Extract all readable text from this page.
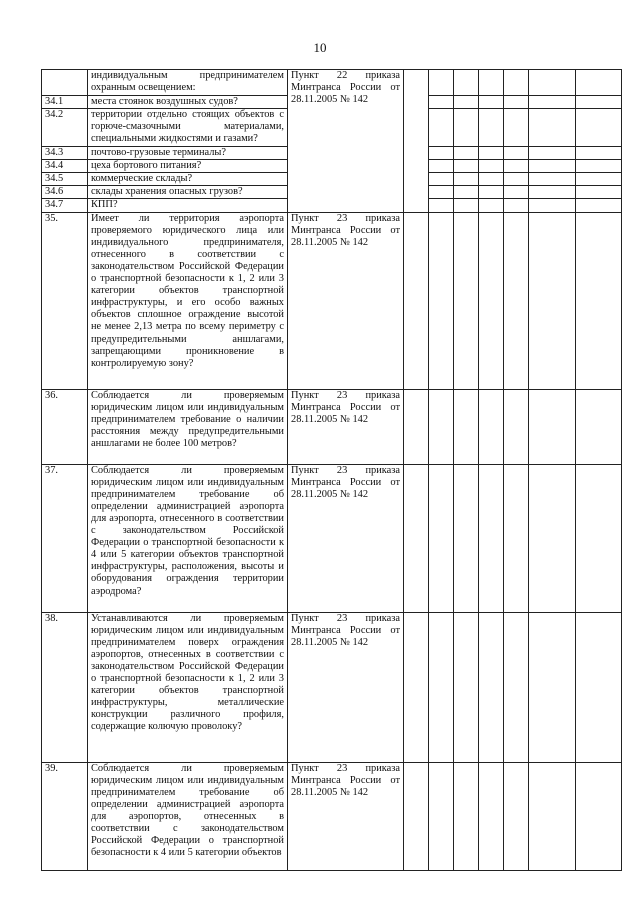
10
	индивидуальным предпринимателем охранным освещением:	Пункт 22 приказа Минтранса России от 28.11.2005 № 142							
34.1	места стоянок воздушных судов?								
34.2	территории отдельно стоящих объектов с горюче-смазочными материалами, специальными жидкостями и газами?								
34.3	почтово-грузовые терминалы?								
34.4	цеха бортового питания?								
34.5	коммерческие склады?								
34.6	склады хранения опасных грузов?								
34.7	КПП?								
35.	Имеет ли территория аэропорта проверяемого юридического лица или индивидуального предпринимателя, отнесенного в соответствии с законодательством Российской Федерации о транспортной безопасности к 1, 2 или 3 категории объектов транспортной инфраструктуры, и его особо важных объектов сплошное ограждение высотой не менее 2,13 метра по всему периметру с предупредительными аншлагами, запрещающими проникновение в контролируемую зону?	Пункт 23 приказа Минтранса России от 28.11.2005 № 142							
36.	Соблюдается ли проверяемым юридическим лицом или индивидуальным предпринимателем требование о наличии расстояния между предупредительными аншлагами не более 100 метров?	Пункт 23 приказа Минтранса России от 28.11.2005 № 142							
37.	Соблюдается ли проверяемым юридическим лицом или индивидуальным предпринимателем требование об определении администрацией аэропорта для аэропорта, отнесенного в соответствии с законодательством Российской Федерации о транспортной безопасности к 4 или 5 категории объектов транспортной инфраструктуры, расположения, высоты и оборудования ограждения территории аэродрома?	Пункт 23 приказа Минтранса России от 28.11.2005 № 142							
38.	Устанавливаются ли проверяемым юридическим лицом или индивидуальным предпринимателем поверх ограждения аэропортов, отнесенных в соответствии с законодательством Российской Федерации о транспортной безопасности к 1, 2 или 3 категории объектов транспортной инфраструктуры, металлические конструкции различного профиля, содержащие колючую проволоку?	Пункт 23 приказа Минтранса России от 28.11.2005 № 142							
39.	Соблюдается ли проверяемым юридическим лицом или индивидуальным предпринимателем требование об определении администрацией аэропорта для аэропортов, отнесенных в соответствии с законодательством Российской Федерации о транспортной безопасности к 4 или 5 категории объектов	Пункт 23 приказа Минтранса России от 28.11.2005 № 142							
